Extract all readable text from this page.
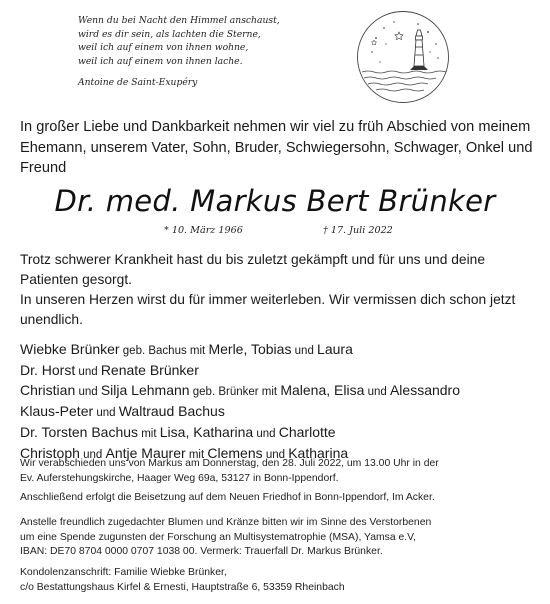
Wenn du bei Nacht den Himmel anschaust,
wird es dir sein, als lachten die Sterne,
weil ich auf einem von ihnen wohne,
weil ich auf einem von ihnen lache.
Antoine de Saint-Exupéry
In großer Liebe und Dankbarkeit nehmen wir viel zu früh Abschied von meinem Ehemann, unserem Vater, Sohn, Bruder, Schwiegersohn, Schwager, Onkel und Freund
Dr. med. Markus Bert Brünker
* 10. März 1966	† 17. Juli 2022
Trotz schwerer Krankheit hast du bis zuletzt gekämpft und für uns und deine Patienten gesorgt.
In unseren Herzen wirst du für immer weiterleben. Wir vermissen dich schon jetzt unendlich.
Wiebke Brünker geb. Bachus mit Merle, Tobias und Laura
Dr. Horst und Renate Brünker
Christian und Silja Lehmann geb. Brünker mit Malena, Elisa und Alessandro
Klaus-Peter und Waltraud Bachus
Dr. Torsten Bachus mit Lisa, Katharina und Charlotte
Christoph und Antje Maurer mit Clemens und Katharina
Wir verabschieden uns von Markus am Donnerstag, den 28. Juli 2022, um 13.00 Uhr in der
Ev. Auferstehungskirche, Haager Weg 69a, 53127 in Bonn-Ippendorf.
Anschließend erfolgt die Beisetzung auf dem Neuen Friedhof in Bonn-Ippendorf, Im Acker.
Anstelle freundlich zugedachter Blumen und Kränze bitten wir im Sinne des Verstorbenen
um eine Spende zugunsten der Forschung an Multisystematrophie (MSA), Yamsa e.V,
IBAN: DE70 8704 0000 0707 1038 00. Vermerk: Trauerfall Dr. Markus Brünker.
Kondolenzanschrift: Familie Wiebke Brünker,
c/o Bestattungshaus Kirfel & Ernesti, Hauptstraße 6, 53359 Rheinbach
